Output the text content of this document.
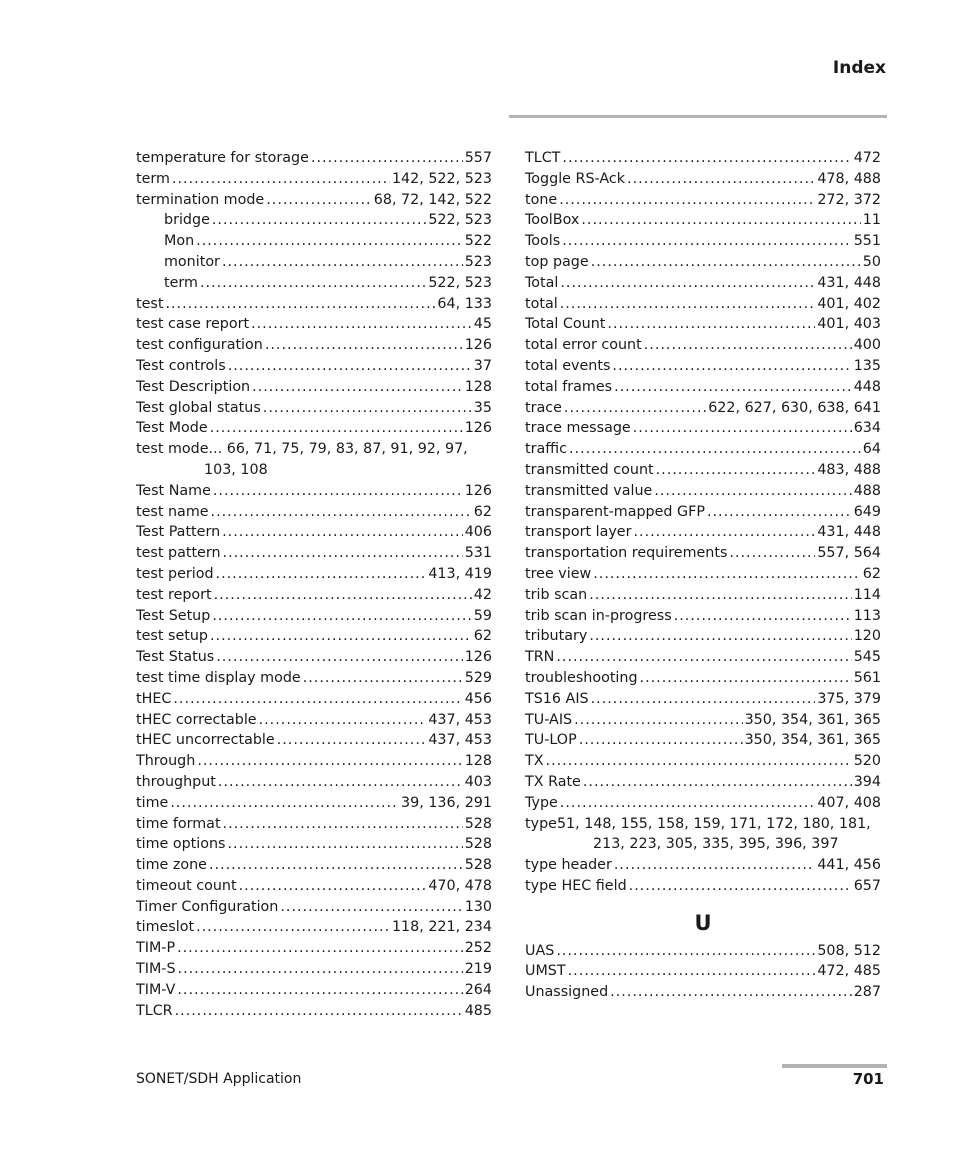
Index
temperature for storage .....	557
term .....	142, 522, 523
termination mode .....	68, 72, 142, 522
bridge .....	522, 523
Mon .....	522
monitor .....	523
term .....	522, 523
test .....	64, 133
test case report .....	45
test configuration .....	126
Test controls .....	37
Test Description .....	128
Test global status .....	35
Test Mode .....	126
test mode... 66, 71, 75, 79, 83, 87, 91, 92, 97,
103, 108
Test Name .....	126
test name .....	62
Test Pattern .....	406
test pattern .....	531
test period .....	413, 419
test report .....	42
Test Setup .....	59
test setup .....	62
Test Status .....	126
test time display mode .....	529
tHEC .....	456
tHEC correctable .....	437, 453
tHEC uncorrectable .....	437, 453
Through .....	128
throughput .....	403
time .....	39, 136, 291
time format .....	528
time options .....	528
time zone .....	528
timeout count .....	470, 478
Timer Configuration .....	130
timeslot .....	118, 221, 234
TIM-P .....	252
TIM-S .....	219
TIM-V .....	264
TLCR .....	485
TLCT .....	472
Toggle RS-Ack .....	478, 488
tone .....	272, 372
ToolBox .....	11
Tools .....	551
top page .....	50
Total .....	431, 448
total .....	401, 402
Total Count .....	401, 403
total error count .....	400
total events .....	135
total frames .....	448
trace .....	622, 627, 630, 638, 641
trace message .....	634
traffic .....	64
transmitted count .....	483, 488
transmitted value .....	488
transparent-mapped GFP .....	649
transport layer .....	431, 448
transportation requirements .....	557, 564
tree view .....	62
trib scan .....	114
trib scan in-progress .....	113
tributary .....	120
TRN .....	545
troubleshooting .....	561
TS16 AIS .....	375, 379
TU-AIS .....	350, 354, 361, 365
TU-LOP .....	350, 354, 361, 365
TX .....	520
TX Rate .....	394
Type .....	407, 408
type51, 148, 155, 158, 159, 171, 172, 180, 181,
213, 223, 305, 335, 395, 396, 397
type header .....	441, 456
type HEC field .....	657
U
UAS .....	508, 512
UMST .....	472, 485
Unassigned .....	287
SONET/SDH Application	701
